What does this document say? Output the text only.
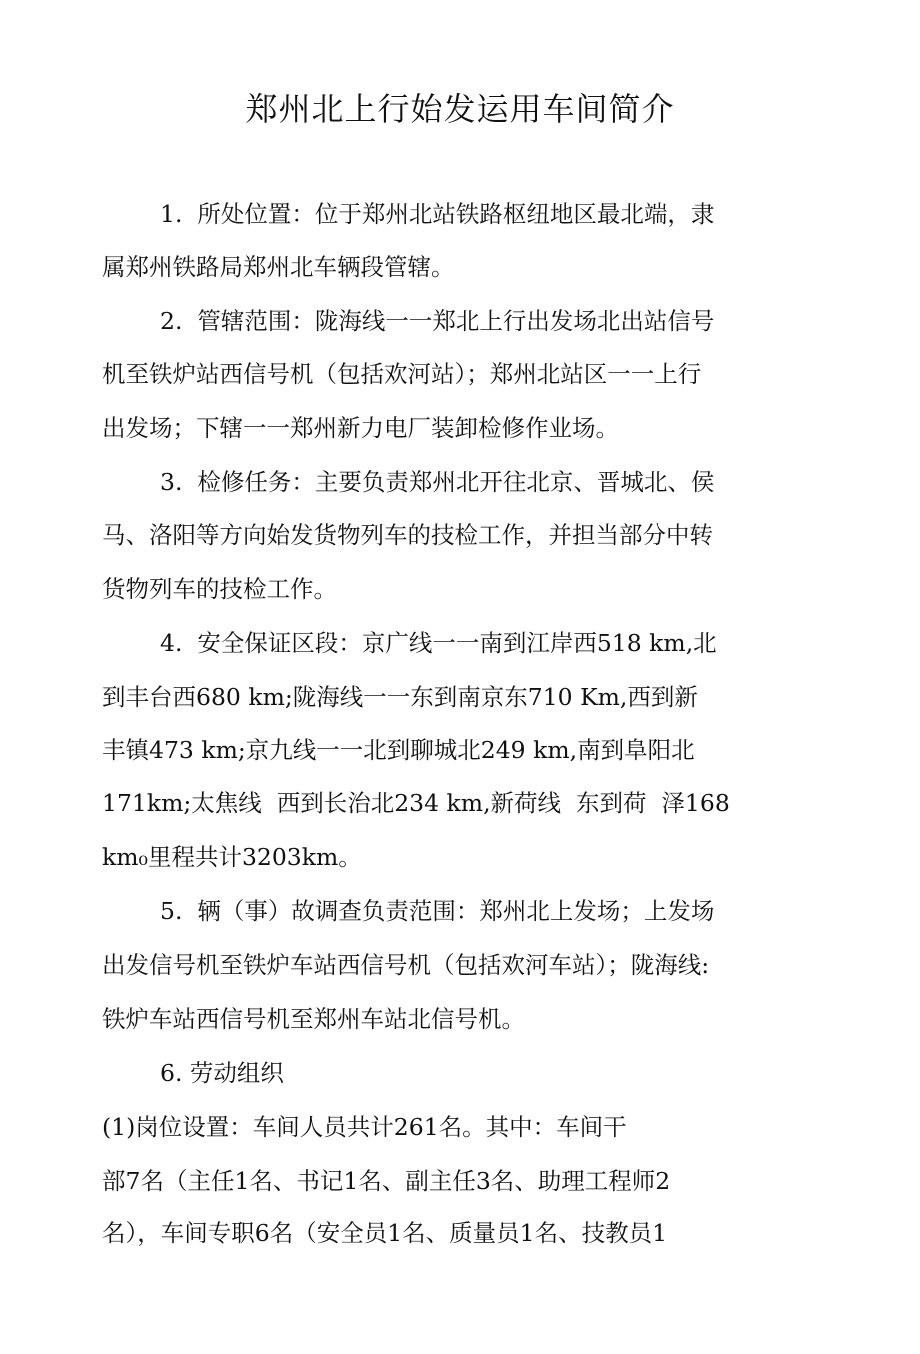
郑州北上行始发运用车间简介
1.  所处位置：位于郑州北站铁路枢纽地区最北端，隶
属郑州铁路局郑州北车辆段管辖。
2.  管辖范围：陇海线一一郑北上行出发场北出站信号
机至铁炉站西信号机（包括欢河站）；郑州北站区一一上行
出发场；下辖一一郑州新力电厂装卸检修作业场。
3.  检修任务：主要负责郑州北开往北京、晋城北、侯
马、洛阳等方向始发货物列车的技检工作，并担当部分中转
货物列车的技检工作。
4.  安全保证区段：京广线一一南到江岸西518 km,北
到丰台西680 km;陇海线一一东到南京东710 Km,西到新
丰镇473 km;京九线一一北到聊城北249 km,南到阜阳北
171km;太焦线  西到长治北234 km,新荷线  东到荷  泽168
km₀里程共计3203km。
5.  辆（事）故调查负责范围：郑州北上发场；上发场
出发信号机至铁炉车站西信号机（包括欢河车站）；陇海线:
铁炉车站西信号机至郑州车站北信号机。
6. 劳动组织
(1)岗位设置：车间人员共计261名。其中：车间干
部7名（主任1名、书记1名、副主任3名、助理工程师2
名），车间专职6名（安全员1名、质量员1名、技教员1
